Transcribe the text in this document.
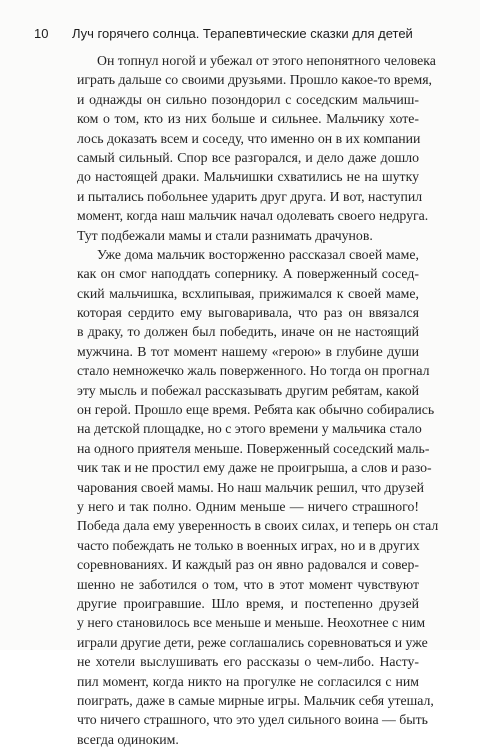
10 Луч горячего солнца. Терапевтические сказки для детей
Он топнул ногой и убежал от этого непонятного человека
играть дальше со своими друзьями. Прошло какое-то время,
и однажды он сильно позондорил с соседским мальчиш-
ком о том, кто из них больше и сильнее. Мальчику хоте-
лось доказать всем и соседу, что именно он в их компании
самый сильный. Спор все разгорался, и дело даже дошло
до настоящей драки. Мальчишки схватились не на шутку
и пытались побольнее ударить друг друга. И вот, наступил
момент, когда наш мальчик начал одолевать своего недруга.
Тут подбежали мамы и стали разнимать драчунов.
Уже дома мальчик восторженно рассказал своей маме,
как он смог наподдать сопернику. А поверженный сосед-
ский мальчишка, всхлипывая, прижимался к своей маме,
которая сердито ему выговаривала, что раз он ввязался
в драку, то должен был победить, иначе он не настоящий
мужчина. В тот момент нашему «герою» в глубине души
стало немножечко жаль поверженного. Но тогда он прогнал
эту мысль и побежал рассказывать другим ребятам, какой
он герой. Прошло еще время. Ребята как обычно собирались
на детской площадке, но с этого времени у мальчика стало
на одного приятеля меньше. Поверженный соседский маль-
чик так и не простил ему даже не проигрыша, а слов и разо-
чарования своей мамы. Но наш мальчик решил, что друзей
у него и так полно. Одним меньше — ничего страшного!
Победа дала ему уверенность в своих силах, и теперь он стал
часто побеждать не только в военных играх, но и в других
соревнованиях. И каждый раз он явно радовался и совер-
шенно не заботился о том, что в этот момент чувствуют
другие проигравшие. Шло время, и постепенно друзей
у него становилось все меньше и меньше. Неохотнее с ним
играли другие дети, реже соглашались соревноваться и уже
не хотели выслушивать его рассказы о чем-либо. Насту-
пил момент, когда никто на прогулке не согласился с ним
поиграть, даже в самые мирные игры. Мальчик себя утешал,
что ничего страшного, что это удел сильного воина — быть
всегда одиноким.
